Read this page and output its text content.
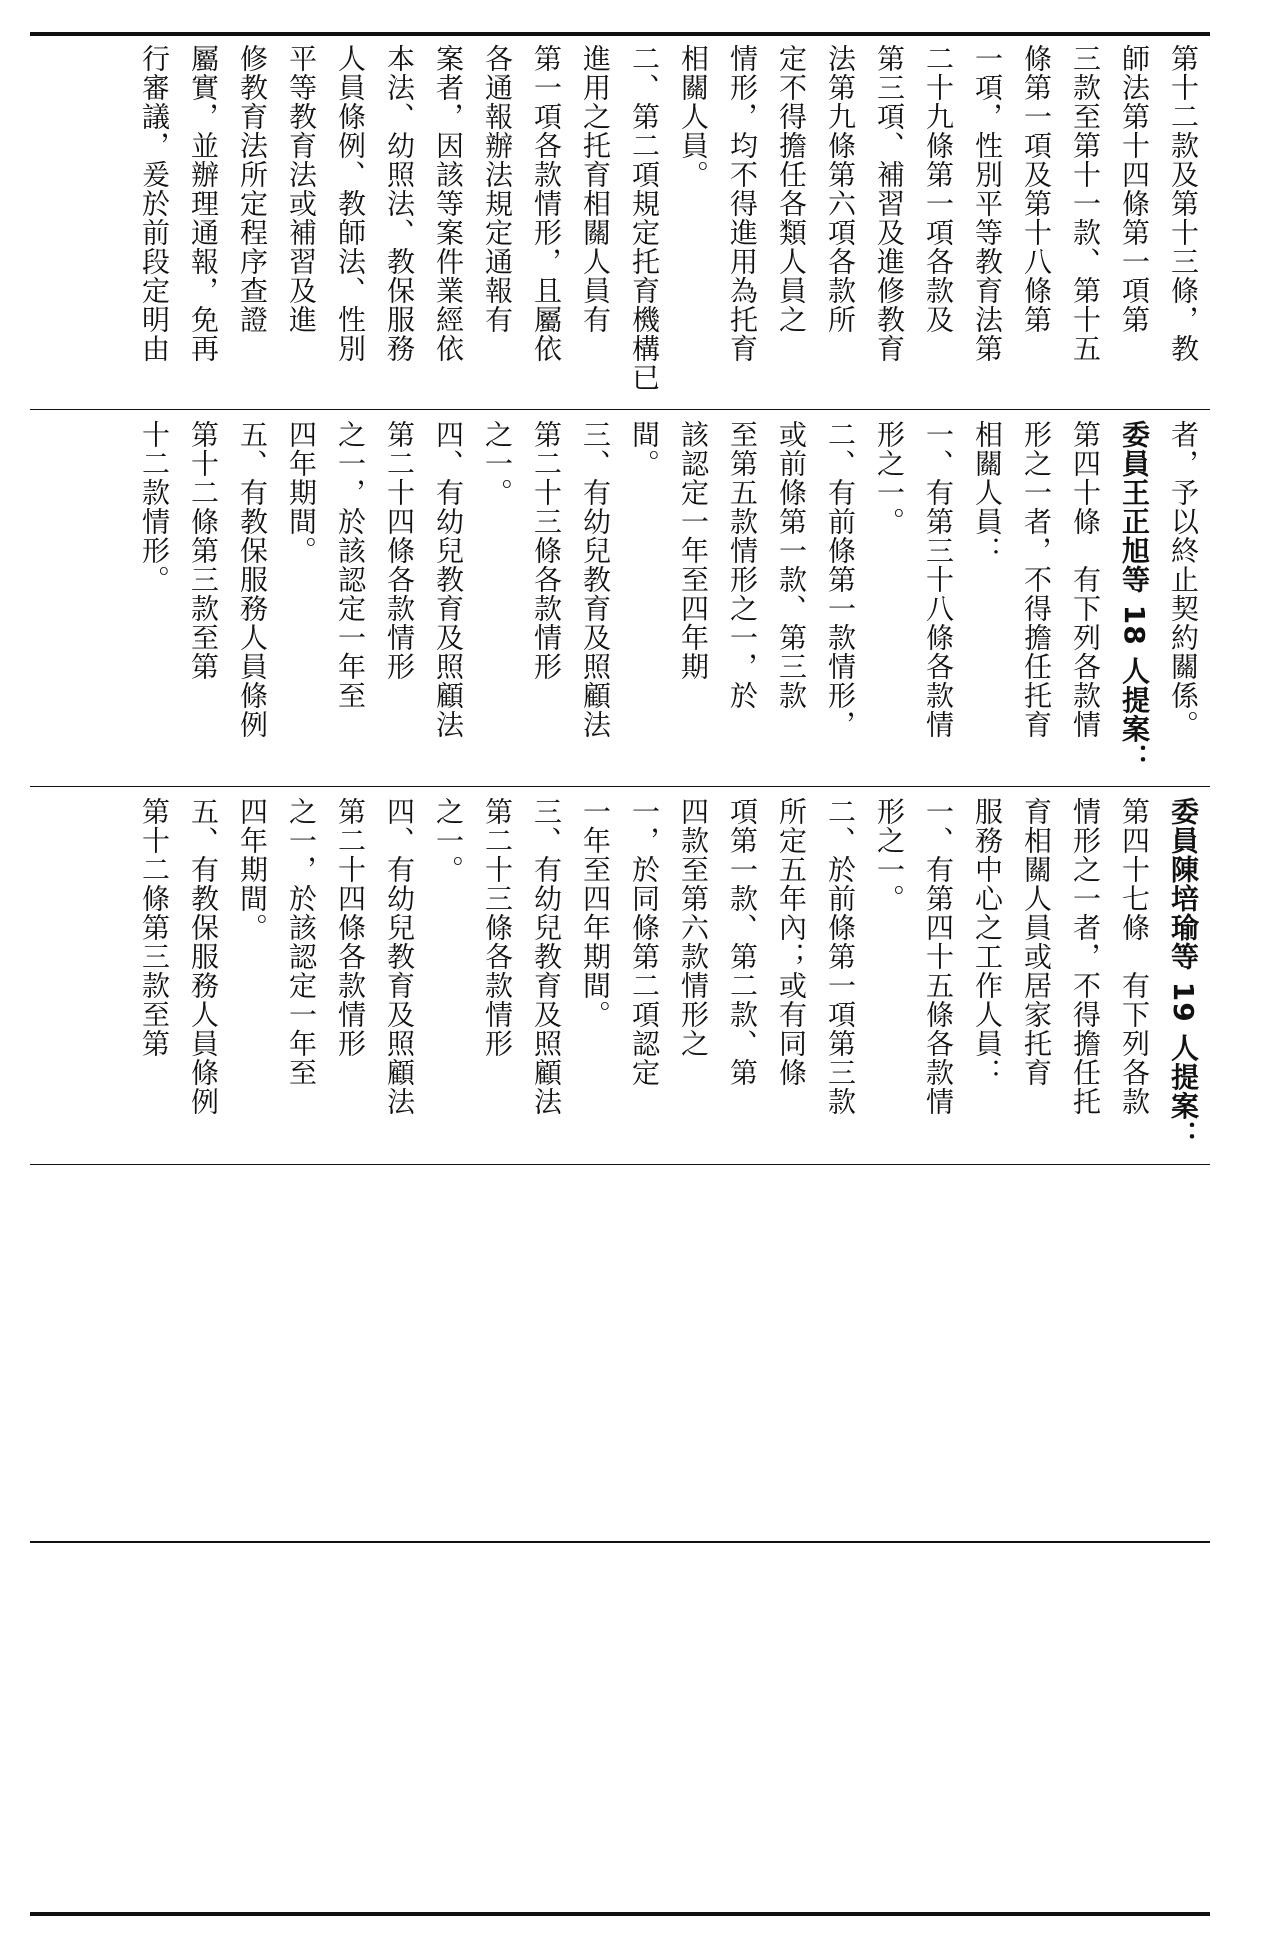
第十二款及第十三條，教
師法第十四條第一項第
三款至第十一款、第十五
條第一項及第十八條第
一項，性別平等教育法第
二十九條第一項各款及
第三項、補習及進修教育
法第九條第六項各款所
定不得擔任各類人員之
情形，均不得進用為托育
相關人員。
二、第二項規定托育機構已
進用之托育相關人員有
第一項各款情形，且屬依
各通報辦法規定通報有
案者，因該等案件業經依
本法、幼照法、教保服務
人員條例、教師法、性別
平等教育法或補習及進
修教育法所定程序查證
屬實，並辦理通報，免再
行審議，爰於前段定明由
者，予以終止契約關係。
委員王正旭等 18 人提案：
第四十條　有下列各款情
形之一者，不得擔任托育
相關人員：
一、有第三十八條各款情
形之一。
二、有前條第一款情形，
或前條第一款、第三款
至第五款情形之一，於
該認定一年至四年期
間。
三、有幼兒教育及照顧法
第二十三條各款情形
之一。
四、有幼兒教育及照顧法
第二十四條各款情形
之一，於該認定一年至
四年期間。
五、有教保服務人員條例
第十二條第三款至第
十二款情形。
委員陳培瑜等 19 人提案：
第四十七條　有下列各款
情形之一者，不得擔任托
育相關人員或居家托育
服務中心之工作人員：
一、有第四十五條各款情
形之一。
二、於前條第一項第三款
所定五年內；或有同條
項第一款、第二款、第
四款至第六款情形之
一，於同條第二項認定
一年至四年期間。
三、有幼兒教育及照顧法
第二十三條各款情形
之一。
四、有幼兒教育及照顧法
第二十四條各款情形
之一，於該認定一年至
四年期間。
五、有教保服務人員條例
第十二條第三款至第
